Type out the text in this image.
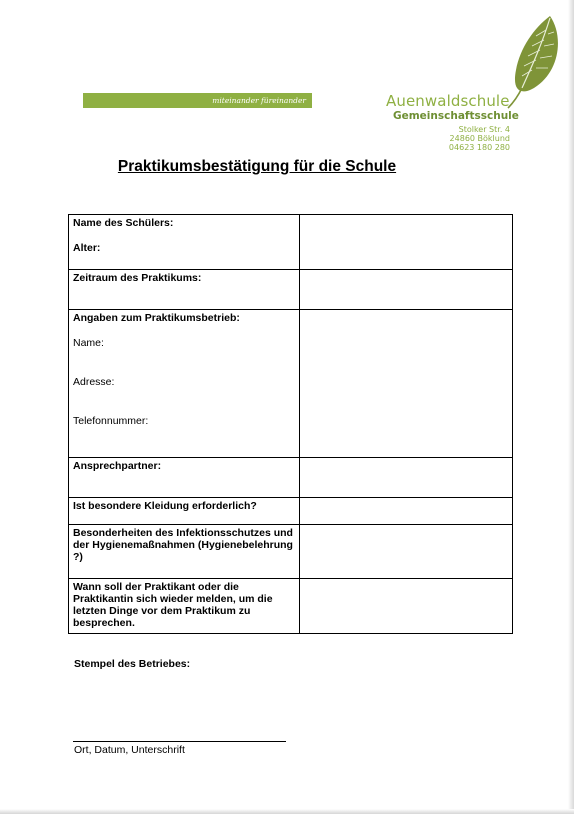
miteinander füreinander	Auenwaldschule
Gemeinschaftsschule
Stolker Str. 4
24860 Böklund
04623 180 280
Praktikumsbestätigung für die Schule
Name des Schülers:
Alter:	

Zeitraum des Praktikums:	

Angaben zum Praktikumsbetrieb:
Name:
Adresse:
Telefonnummer:	

Ansprechpartner:	
Ist besondere Kleidung erforderlich?	
Besonderheiten des Infektionsschutzes und der Hygienemaßnahmen (Hygienebelehrung ?)	
Wann soll der Praktikant oder die Praktikantin sich wieder melden, um die letzten Dinge vor dem Praktikum zu besprechen.	
Stempel des Betriebes:
Ort, Datum, Unterschrift
